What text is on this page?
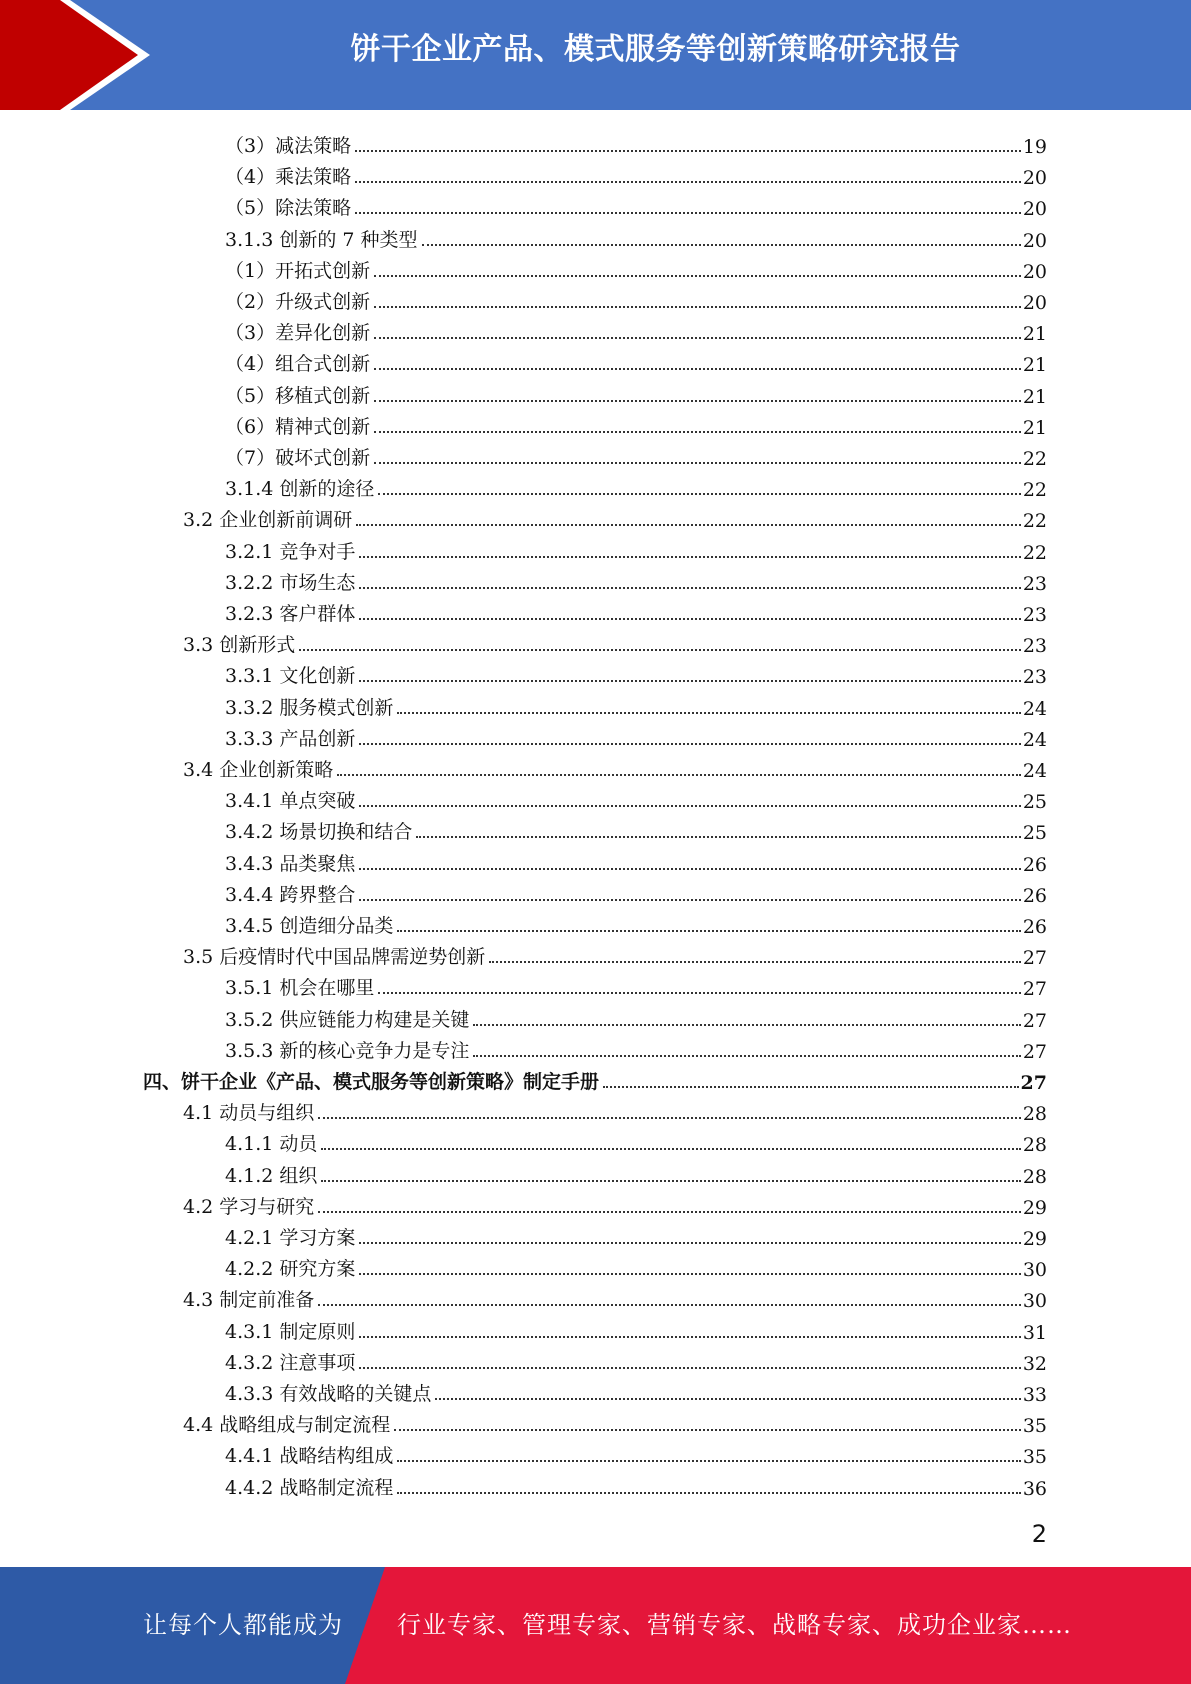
饼干企业产品、模式服务等创新策略研究报告
（3）减法策略	19
（4）乘法策略	20
（5）除法策略	20
3.1.3 创新的 7 种类型	20
（1）开拓式创新	20
（2）升级式创新	20
（3）差异化创新	21
（4）组合式创新	21
（5）移植式创新	21
（6）精神式创新	21
（7）破坏式创新	22
3.1.4 创新的途径	22
3.2 企业创新前调研	22
3.2.1 竞争对手	22
3.2.2 市场生态	23
3.2.3 客户群体	23
3.3 创新形式	23
3.3.1 文化创新	23
3.3.2 服务模式创新	24
3.3.3 产品创新	24
3.4 企业创新策略	24
3.4.1 单点突破	25
3.4.2 场景切换和结合	25
3.4.3 品类聚焦	26
3.4.4 跨界整合	26
3.4.5 创造细分品类	26
3.5 后疫情时代中国品牌需逆势创新	27
3.5.1 机会在哪里	27
3.5.2 供应链能力构建是关键	27
3.5.3 新的核心竞争力是专注	27
四、饼干企业《产品、模式服务等创新策略》制定手册	27
4.1 动员与组织	28
4.1.1 动员	28
4.1.2 组织	28
4.2 学习与研究	29
4.2.1 学习方案	29
4.2.2 研究方案	30
4.3 制定前准备	30
4.3.1 制定原则	31
4.3.2 注意事项	32
4.3.3 有效战略的关键点	33
4.4 战略组成与制定流程	35
4.4.1 战略结构组成	35
4.4.2 战略制定流程	36
2
让每个人都能成为 行业专家、管理专家、营销专家、战略专家、成功企业家……
